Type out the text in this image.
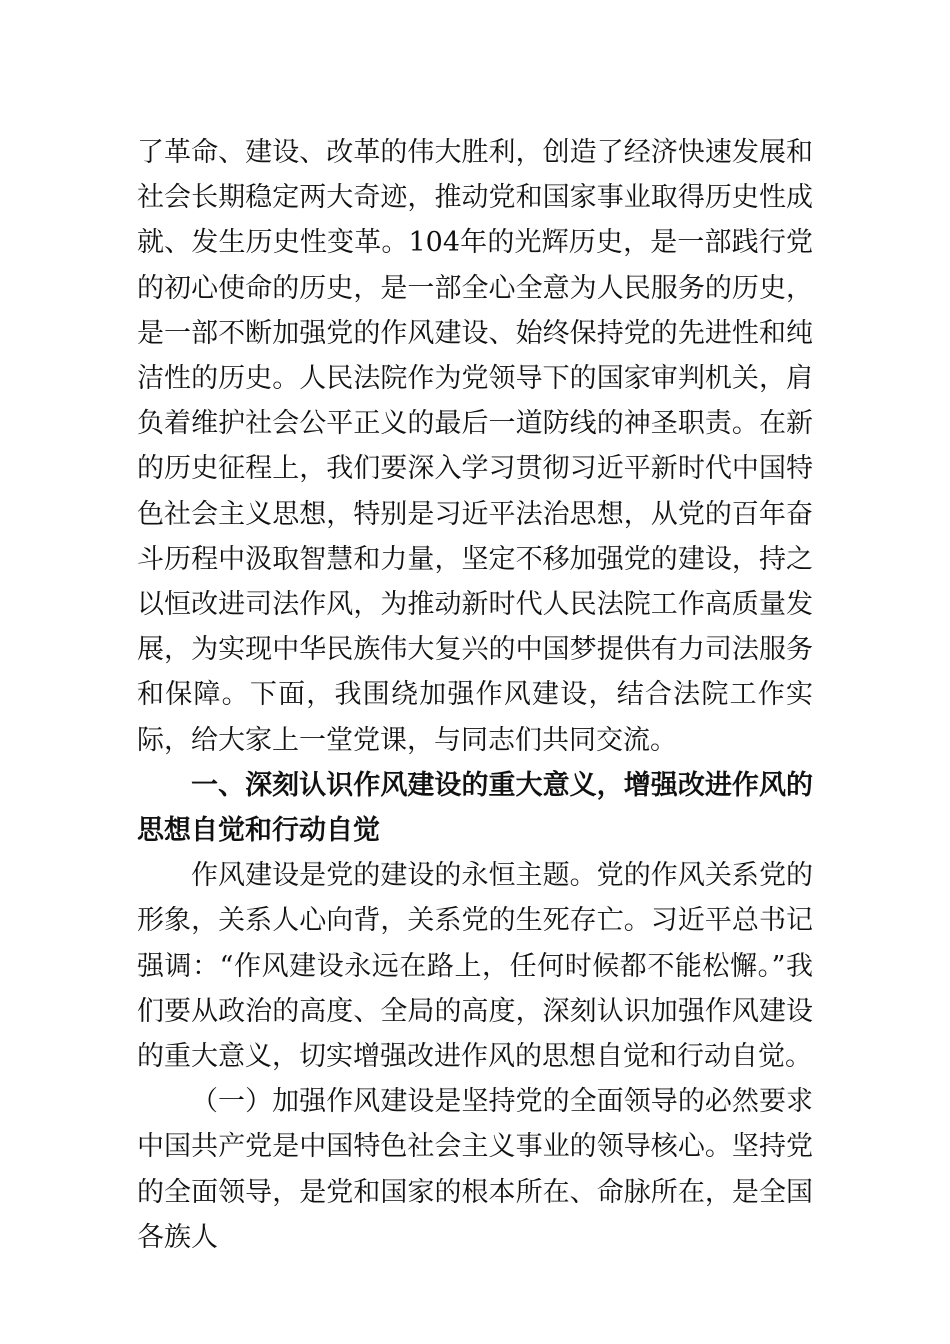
了革命、建设、改革的伟大胜利，创造了经济快速发展和社会长期稳定两大奇迹，推动党和国家事业取得历史性成就、发生历史性变革。104年的光辉历史，是一部践行党的初心使命的历史，是一部全心全意为人民服务的历史，是一部不断加强党的作风建设、始终保持党的先进性和纯洁性的历史。人民法院作为党领导下的国家审判机关，肩负着维护社会公平正义的最后一道防线的神圣职责。在新的历史征程上，我们要深入学习贯彻习近平新时代中国特色社会主义思想，特别是习近平法治思想，从党的百年奋斗历程中汲取智慧和力量，坚定不移加强党的建设，持之以恒改进司法作风，为推动新时代人民法院工作高质量发展，为实现中华民族伟大复兴的中国梦提供有力司法服务和保障。下面，我围绕加强作风建设，结合法院工作实际，给大家上一堂党课，与同志们共同交流。

一、深刻认识作风建设的重大意义，增强改进作风的思想自觉和行动自觉

作风建设是党的建设的永恒主题。党的作风关系党的形象，关系人心向背，关系党的生死存亡。习近平总书记强调：“作风建设永远在路上，任何时候都不能松懈。”我们要从政治的高度、全局的高度，深刻认识加强作风建设的重大意义，切实增强改进作风的思想自觉和行动自觉。

（一）加强作风建设是坚持党的全面领导的必然要求中国共产党是中国特色社会主义事业的领导核心。坚持党的全面领导，是党和国家的根本所在、命脉所在，是全国各族人
